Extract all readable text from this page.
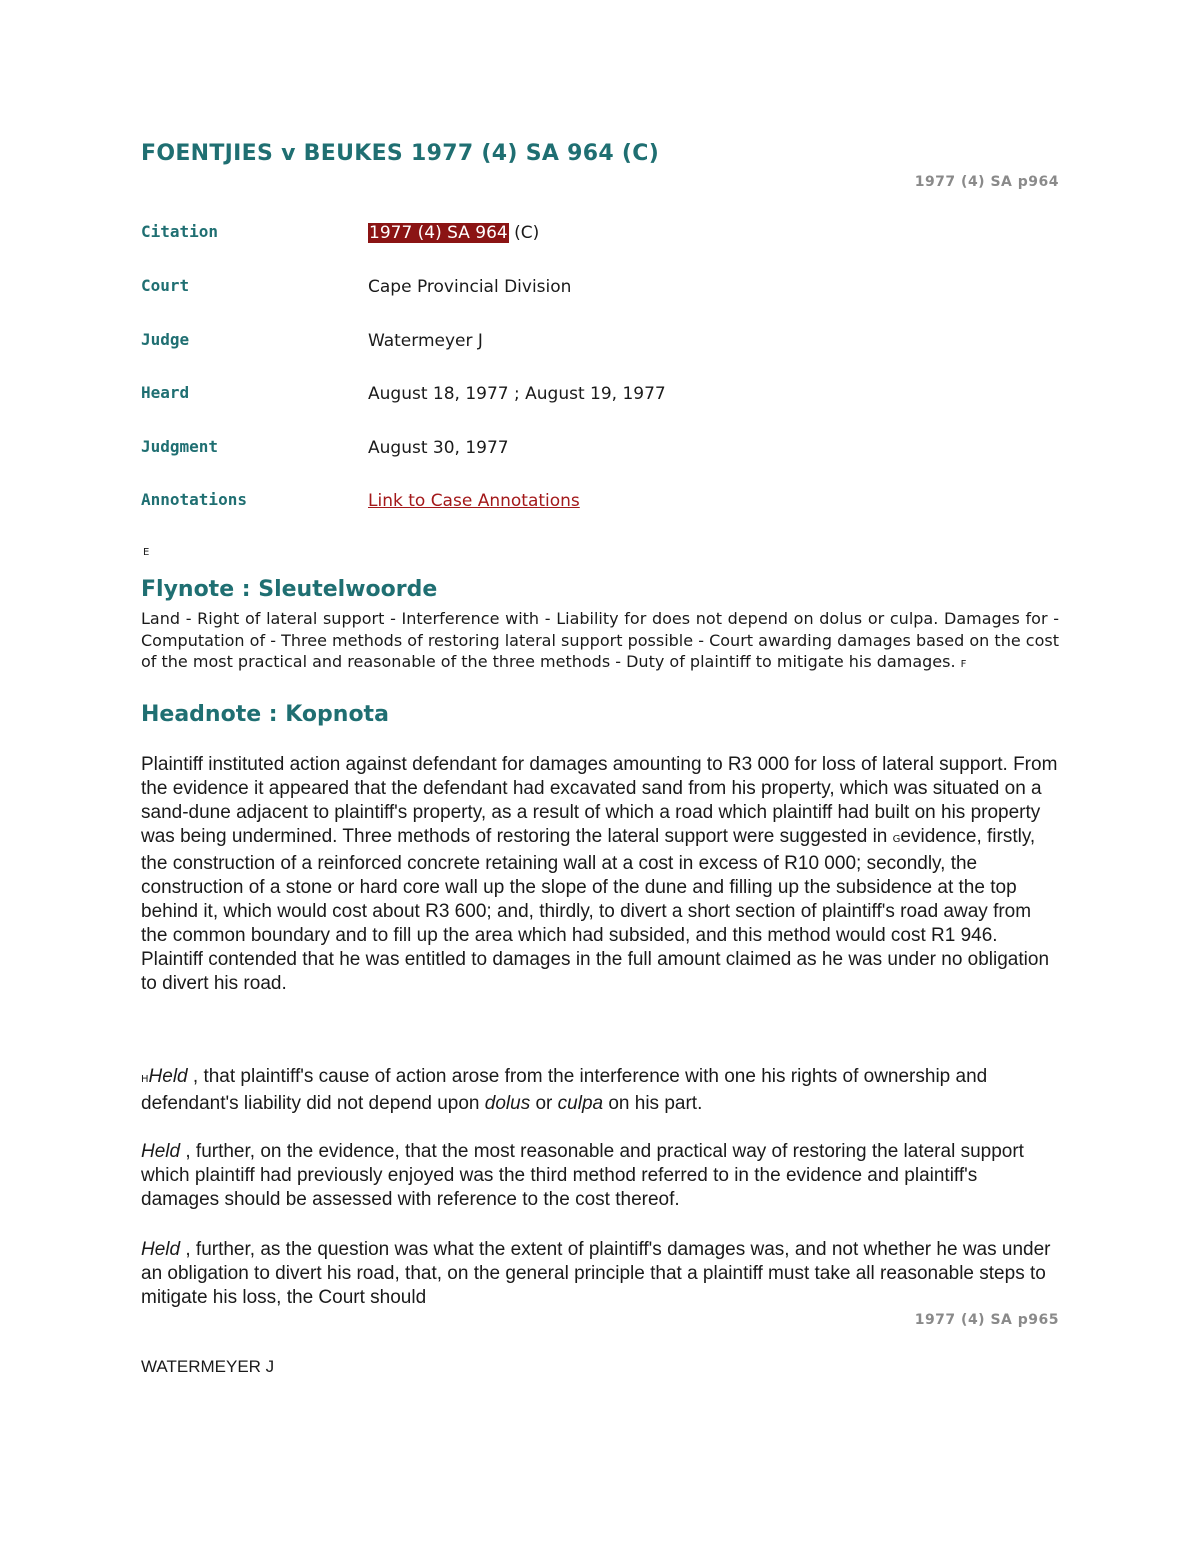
FOENTJIES v BEUKES 1977 (4) SA 964 (C)
1977 (4) SA p964
Citation	1977 (4) SA 964 (C)
Court	Cape Provincial Division
Judge	Watermeyer J
Heard	August 18, 1977 ; August 19, 1977
Judgment	August 30, 1977
Annotations	Link to Case Annotations
E
Flynote : Sleutelwoorde

Land - Right of lateral support - Interference with - Liability for does not depend on dolus or culpa. Damages for - Computation of - Three methods of restoring lateral support possible - Court awarding damages based on the cost of the most practical and reasonable of the three methods - Duty of plaintiff to mitigate his damages. F

Headnote : Kopnota

Plaintiff instituted action against defendant for damages amounting to R3 000 for loss of lateral support. From the evidence it appeared that the defendant had excavated sand from his property, which was situated on a sand-dune adjacent to plaintiff's property, as a result of which a road which plaintiff had built on his property was being undermined. Three methods of restoring the lateral support were suggested in Gevidence, firstly, the construction of a reinforced concrete retaining wall at a cost in excess of R10 000; secondly, the construction of a stone or hard core wall up the slope of the dune and filling up the subsidence at the top behind it, which would cost about R3 600; and, thirdly, to divert a short section of plaintiff's road away from the common boundary and to fill up the area which had subsided, and this method would cost R1 946. Plaintiff contended that he was entitled to damages in the full amount claimed as he was under no obligation to divert his road.

HHeld , that plaintiff's cause of action arose from the interference with one his rights of ownership and defendant's liability did not depend upon dolus or culpa on his part.

Held , further, on the evidence, that the most reasonable and practical way of restoring the lateral support which plaintiff had previously enjoyed was the third method referred to in the evidence and plaintiff's damages should be assessed with reference to the cost thereof.

Held , further, as the question was what the extent of plaintiff's damages was, and not whether he was under an obligation to divert his road, that, on the general principle that a plaintiff must take all reasonable steps to mitigate his loss, the Court should

1977 (4) SA p965
WATERMEYER J
